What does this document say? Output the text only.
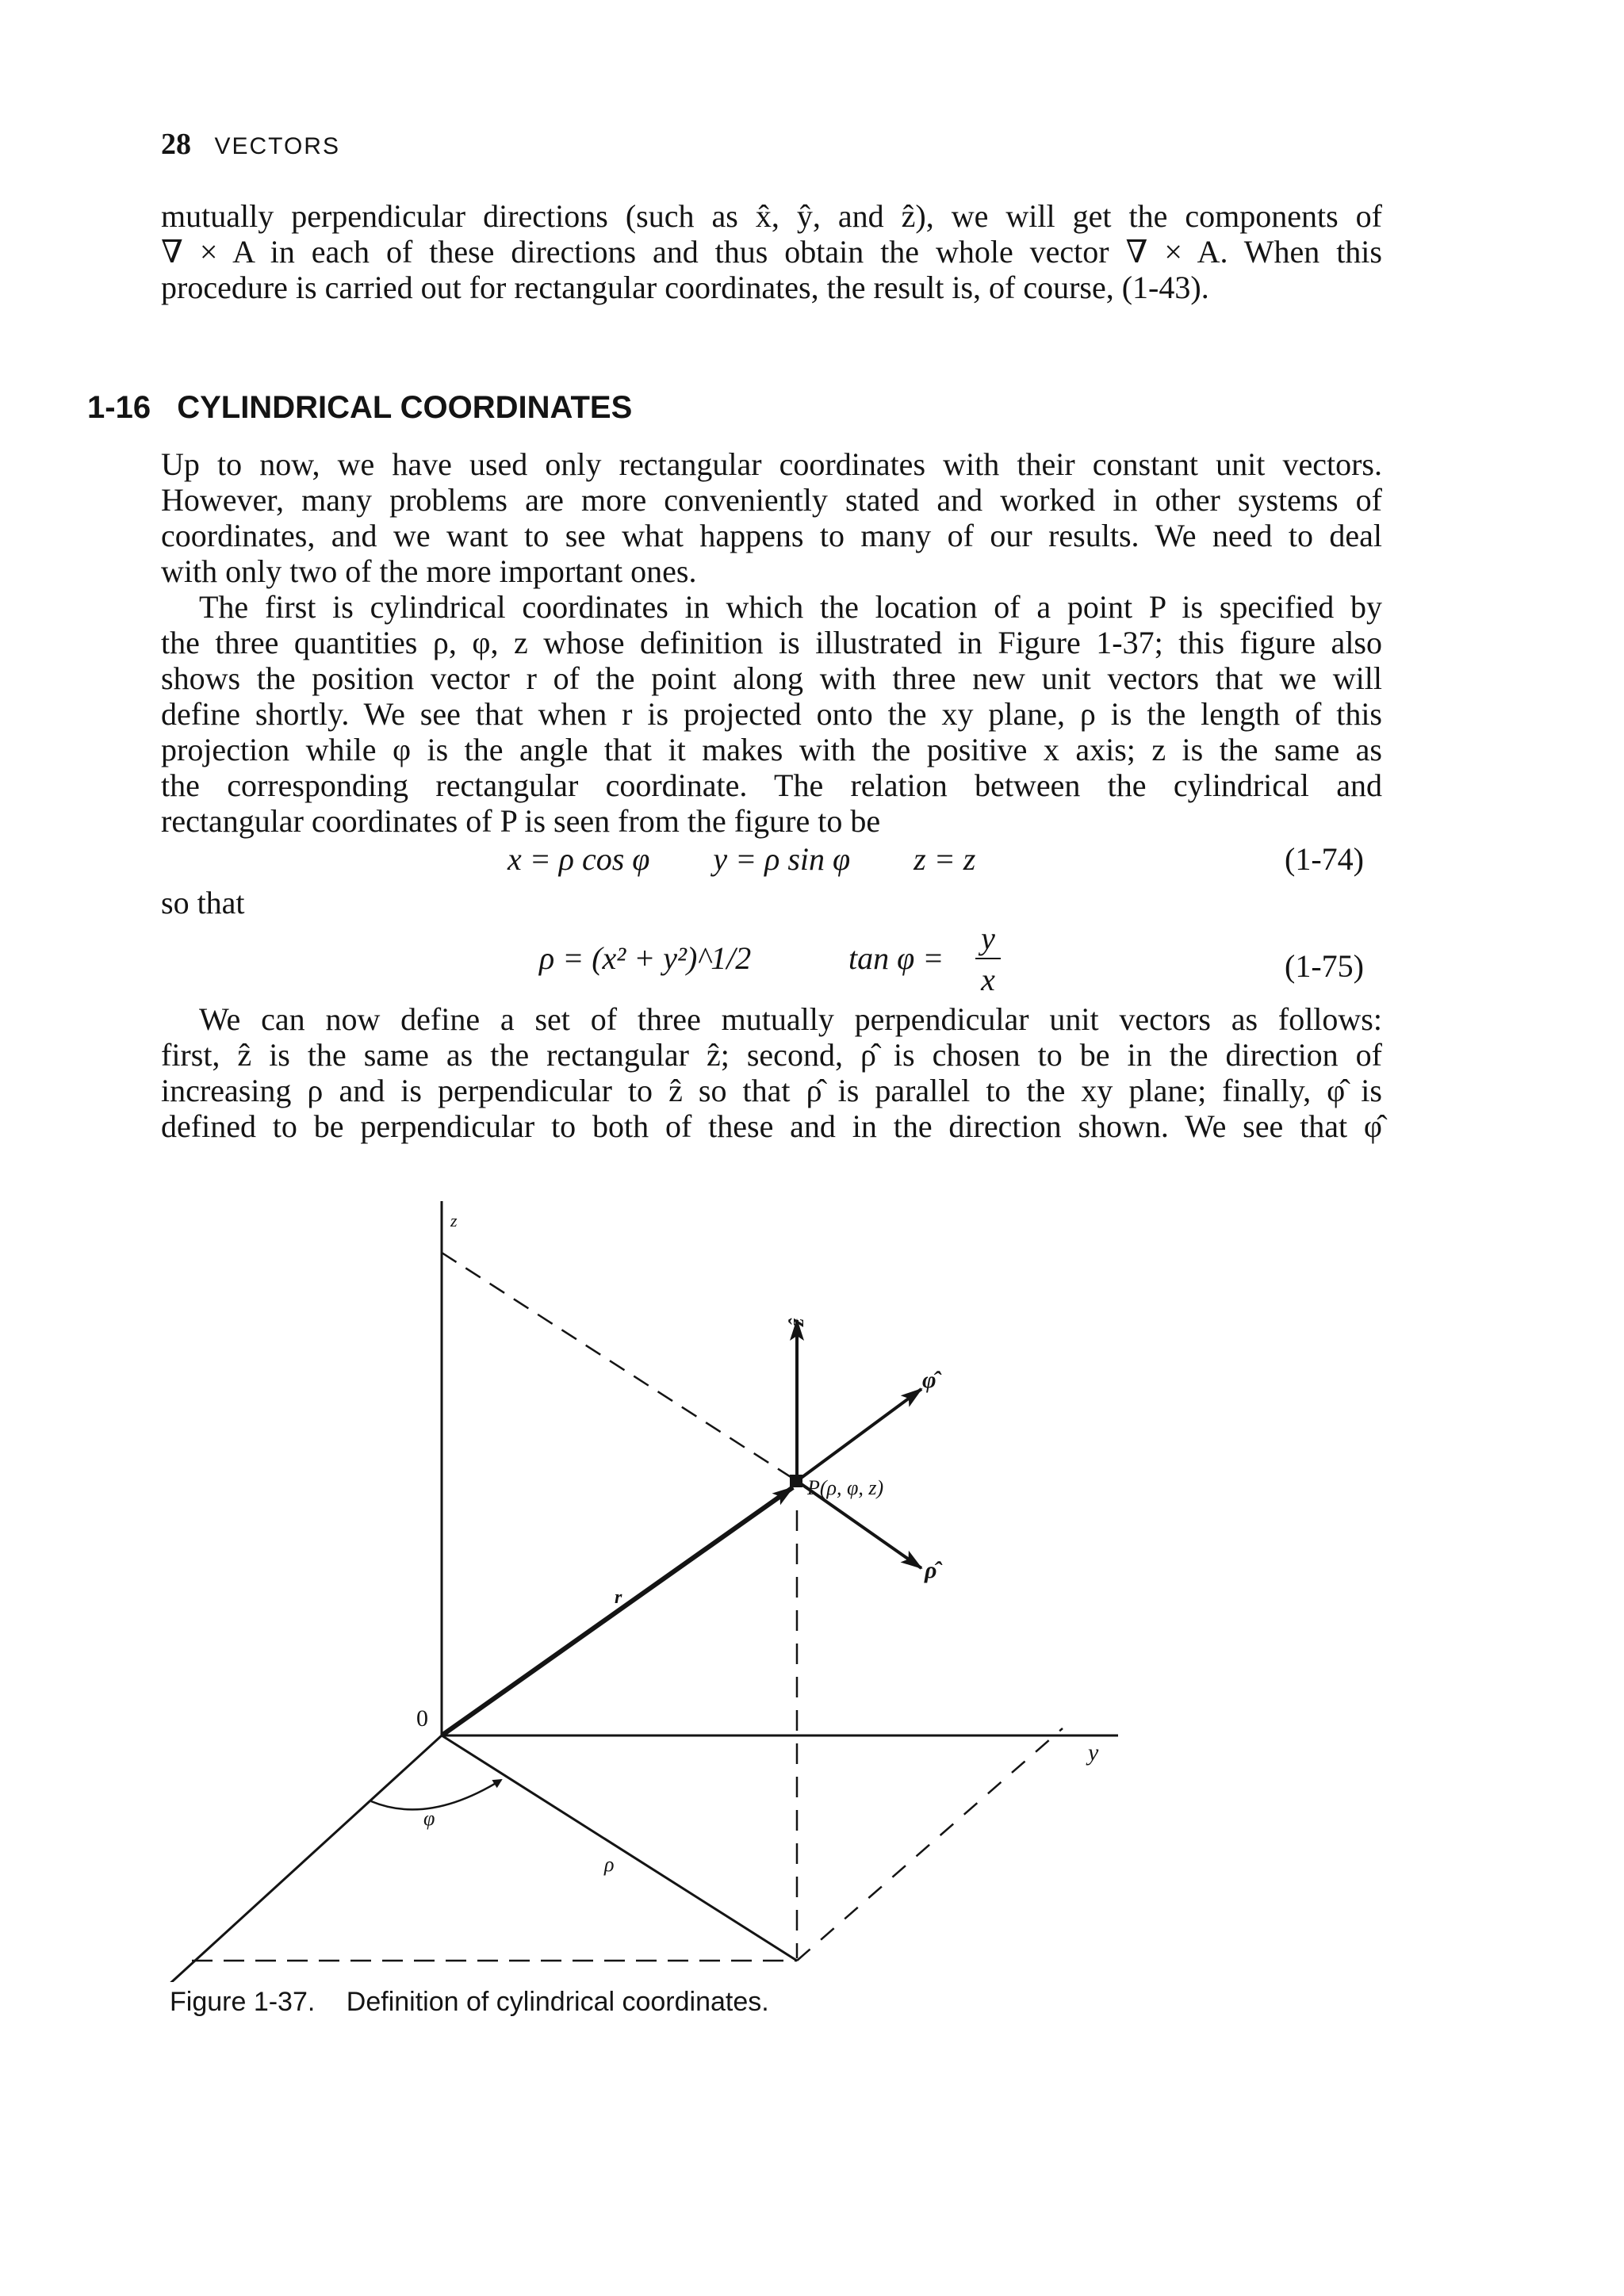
28 VECTORS

mutually perpendicular directions (such as x̂, ŷ, and ẑ), we will get the components of
∇ × A in each of these directions and thus obtain the whole vector ∇ × A. When this
procedure is carried out for rectangular coordinates, the result is, of course, (1-43).

1-16 CYLINDRICAL COORDINATES

Up to now, we have used only rectangular coordinates with their constant unit vectors.
However, many problems are more conveniently stated and worked in other systems of
coordinates, and we want to see what happens to many of our results. We need to deal
with only two of the more important ones.

The first is cylindrical coordinates in which the location of a point P is specified by
the three quantities ρ, φ, z whose definition is illustrated in Figure 1-37; this figure also
shows the position vector r of the point along with three new unit vectors that we will
define shortly. We see that when r is projected onto the xy plane, ρ is the length of this
projection while φ is the angle that it makes with the positive x axis; z is the same as
the corresponding rectangular coordinate. The relation between the cylindrical and
rectangular coordinates of P is seen from the figure to be

x = ρ cos φ        y = ρ sin φ        z = z	(1-74)
so that
ρ = (x² + y²)^1/2	tan φ =
y
x	(1-75)

We can now define a set of three mutually perpendicular unit vectors as follows:
first, ẑ is the same as the rectangular ẑ; second, ρ̂ is chosen to be in the direction of
increasing ρ and is perpendicular to ẑ so that ρ̂ is parallel to the xy plane; finally, φ̂ is
defined to be perpendicular to both of these and in the direction shown. We see that φ̂

z
0
y
r
φ
ρ
ẑ
φ̂
ρ̂
P(ρ, φ, z)
Figure 1-37. Definition of cylindrical coordinates.
